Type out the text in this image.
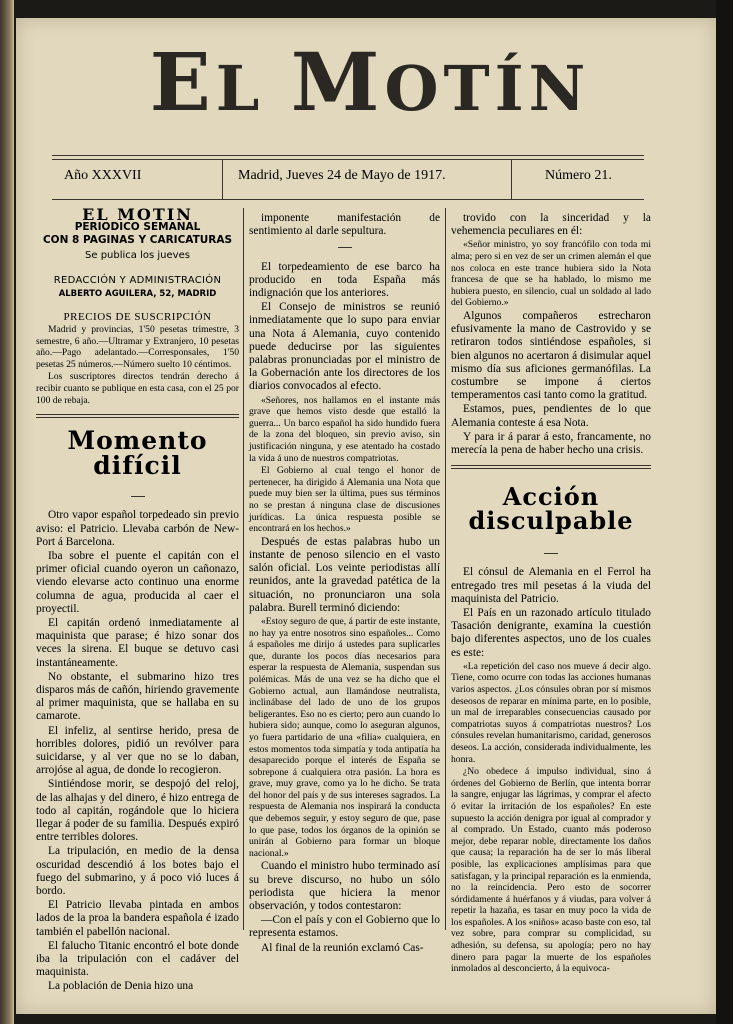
EL MOTÍN
Año XXXVII	Madrid, Jueves 24 de Mayo de 1917.	Número 21.
EL MOTIN
PERIODICO SEMANAL
CON 8 PAGINAS Y CARICATURAS
Se publica los jueves
REDACCIÓN Y ADMINISTRACIÓN
ALBERTO AGUILERA, 52, MADRID
PRECIOS DE SUSCRIPCIÓN

Madrid y provincias, 1'50 pesetas trimestre, 3 semestre, 6 año.—Ultramar y Extranjero, 10 pesetas año.—Pago adelantado.—Corresponsales, 1'50 pesetas 25 números.—Número suelto 10 céntimos.

Los suscriptores directos tendrán derecho á recibir cuanto se publique en esta casa, con el 25 por 100 de rebaja.

Momento difícil

Otro vapor español torpedeado sin previo aviso: el Patricio. Llevaba carbón de New-Port á Barcelona.

Iba sobre el puente el capitán con el primer oficial cuando oyeron un cañonazo, viendo elevarse acto continuo una enorme columna de agua, producida al caer el proyectil.

El capitán ordenó inmediatamente al maquinista que parase; é hizo sonar dos veces la sirena. El buque se detuvo casi instantáneamente.

No obstante, el submarino hizo tres disparos más de cañón, hiriendo gravemente al primer maquinista, que se hallaba en su camarote.

El infeliz, al sentirse herido, presa de horribles dolores, pidió un revólver para suicidarse, y al ver que no se lo daban, arrojóse al agua, de donde lo recogieron.

Sintiéndose morir, se despojó del reloj, de las alhajas y del dinero, é hizo entrega de todo al capitán, rogándole que lo hiciera llegar á poder de su familia. Después expiró entre terribles dolores.

La tripulación, en medio de la densa oscuridad descendió á los botes bajo el fuego del submarino, y á poco vió luces á bordo.

El Patricio llevaba pintada en ambos lados de la proa la bandera española é izado también el pabellón nacional.

El falucho Titanic encontró el bote donde iba la tripulación con el cadáver del maquinista.

La población de Denia hizo una

imponente manifestación de sentimiento al darle sepultura.

El torpedeamiento de ese barco ha producido en toda España más indignación que los anteriores.

El Consejo de ministros se reunió inmediatamente que lo supo para enviar una Nota á Alemania, cuyo contenido puede deducirse por las siguientes palabras pronunciadas por el ministro de la Gobernación ante los directores de los diarios convocados al efecto.

«Señores, nos hallamos en el instante más grave que hemos visto desde que estalló la guerra... Un barco español ha sido hundido fuera de la zona del bloqueo, sin previo aviso, sin justificación ninguna, y ese atentado ha costado la vida á uno de nuestros compatriotas.

El Gobierno al cual tengo el honor de pertenecer, ha dirigido á Alemania una Nota que puede muy bien ser la última, pues sus términos no se prestan á ninguna clase de discusiones jurídicas. La única respuesta posible se encontrará en los hechos.»

Después de estas palabras hubo un instante de penoso silencio en el vasto salón oficial. Los veinte periodistas allí reunidos, ante la gravedad patética de la situación, no pronunciaron una sola palabra. Burell terminó diciendo:

«Estoy seguro de que, á partir de este instante, no hay ya entre nosotros sino españoles... Como á españoles me dirijo á ustedes para suplicarles que, durante los pocos días necesarios para esperar la respuesta de Alemania, suspendan sus polémicas. Más de una vez se ha dicho que el Gobierno actual, aun llamándose neutralista, inclinábase del lado de uno de los grupos beligerantes. Eso no es cierto; pero aun cuando lo hubiera sido; aunque, como lo aseguran algunos, yo fuera partidario de una «filia» cualquiera, en estos momentos toda simpatía y toda antipatía ha desaparecido porque el interés de España se sobrepone á cualquiera otra pasión. La hora es grave, muy grave, como ya lo he dicho. Se trata del honor del país y de sus intereses sagrados. La respuesta de Alemania nos inspirará la conducta que debemos seguir, y estoy seguro de que, pase lo que pase, todos los órganos de la opinión se unirán al Gobierno para formar un bloque nacional.»

Cuando el ministro hubo terminado así su breve discurso, no hubo un sólo periodista que hiciera la menor observación, y todos contestaron:

—Con el país y con el Gobierno que lo representa estamos.

Al final de la reunión exclamó Cas-

trovido con la sinceridad y la vehemencia peculiares en él:

«Señor ministro, yo soy francófilo con toda mi alma; pero si en vez de ser un crimen alemán el que nos coloca en este trance hubiera sido la Nota francesa de que se ha hablado, lo mismo me hubiera puesto, en silencio, cual un soldado al lado del Gobierno.»

Algunos compañeros estrecharon efusivamente la mano de Castrovido y se retiraron todos sintiéndose españoles, si bien algunos no acertaron á disimular aquel mismo día sus aficiones germanófilas. La costumbre se impone á ciertos temperamentos casi tanto como la gratitud.

Estamos, pues, pendientes de lo que Alemania conteste á esa Nota.

Y para ir á parar á esto, francamente, no merecía la pena de haber hecho una crisis.

Acción disculpable

El cónsul de Alemania en el Ferrol ha entregado tres mil pesetas á la viuda del maquinista del Patricio.

El País en un razonado artículo titulado Tasación denigrante, examina la cuestión bajo diferentes aspectos, uno de los cuales es este:

«La repetición del caso nos mueve á decir algo. Tiene, como ocurre con todas las acciones humanas varios aspectos. ¿Los cónsules obran por sí mismos deseosos de reparar en mínima parte, en lo posible, un mal de irreparables consecuencias causado por compatriotas suyos á compatriotas nuestros? Los cónsules revelan humanitarismo, caridad, generosos deseos. La acción, considerada individualmente, les honra.

¿No obedece á impulso individual, sino á órdenes del Gobierno de Berlín, que intenta borrar la sangre, enjugar las lágrimas, y comprar el afecto ó evitar la irritación de los españoles? En este supuesto la acción denigra por igual al comprador y al comprado. Un Estado, cuanto más poderoso mejor, debe reparar noble, directamente los daños que causa; la reparación ha de ser lo más liberal posible, las explicaciones amplísimas para que satisfagan, y la principal reparación es la enmienda, no la reincidencia. Pero esto de socorrer sórdidamente á huérfanos y á viudas, para volver á repetir la hazaña, es tasar en muy poco la vida de los españoles. A los «niños» acaso baste con eso, tal vez sobre, para comprar su complicidad, su adhesión, su defensa, su apología; pero no hay dinero para pagar la muerte de los españoles inmolados al desconcierto, á la equivoca-
